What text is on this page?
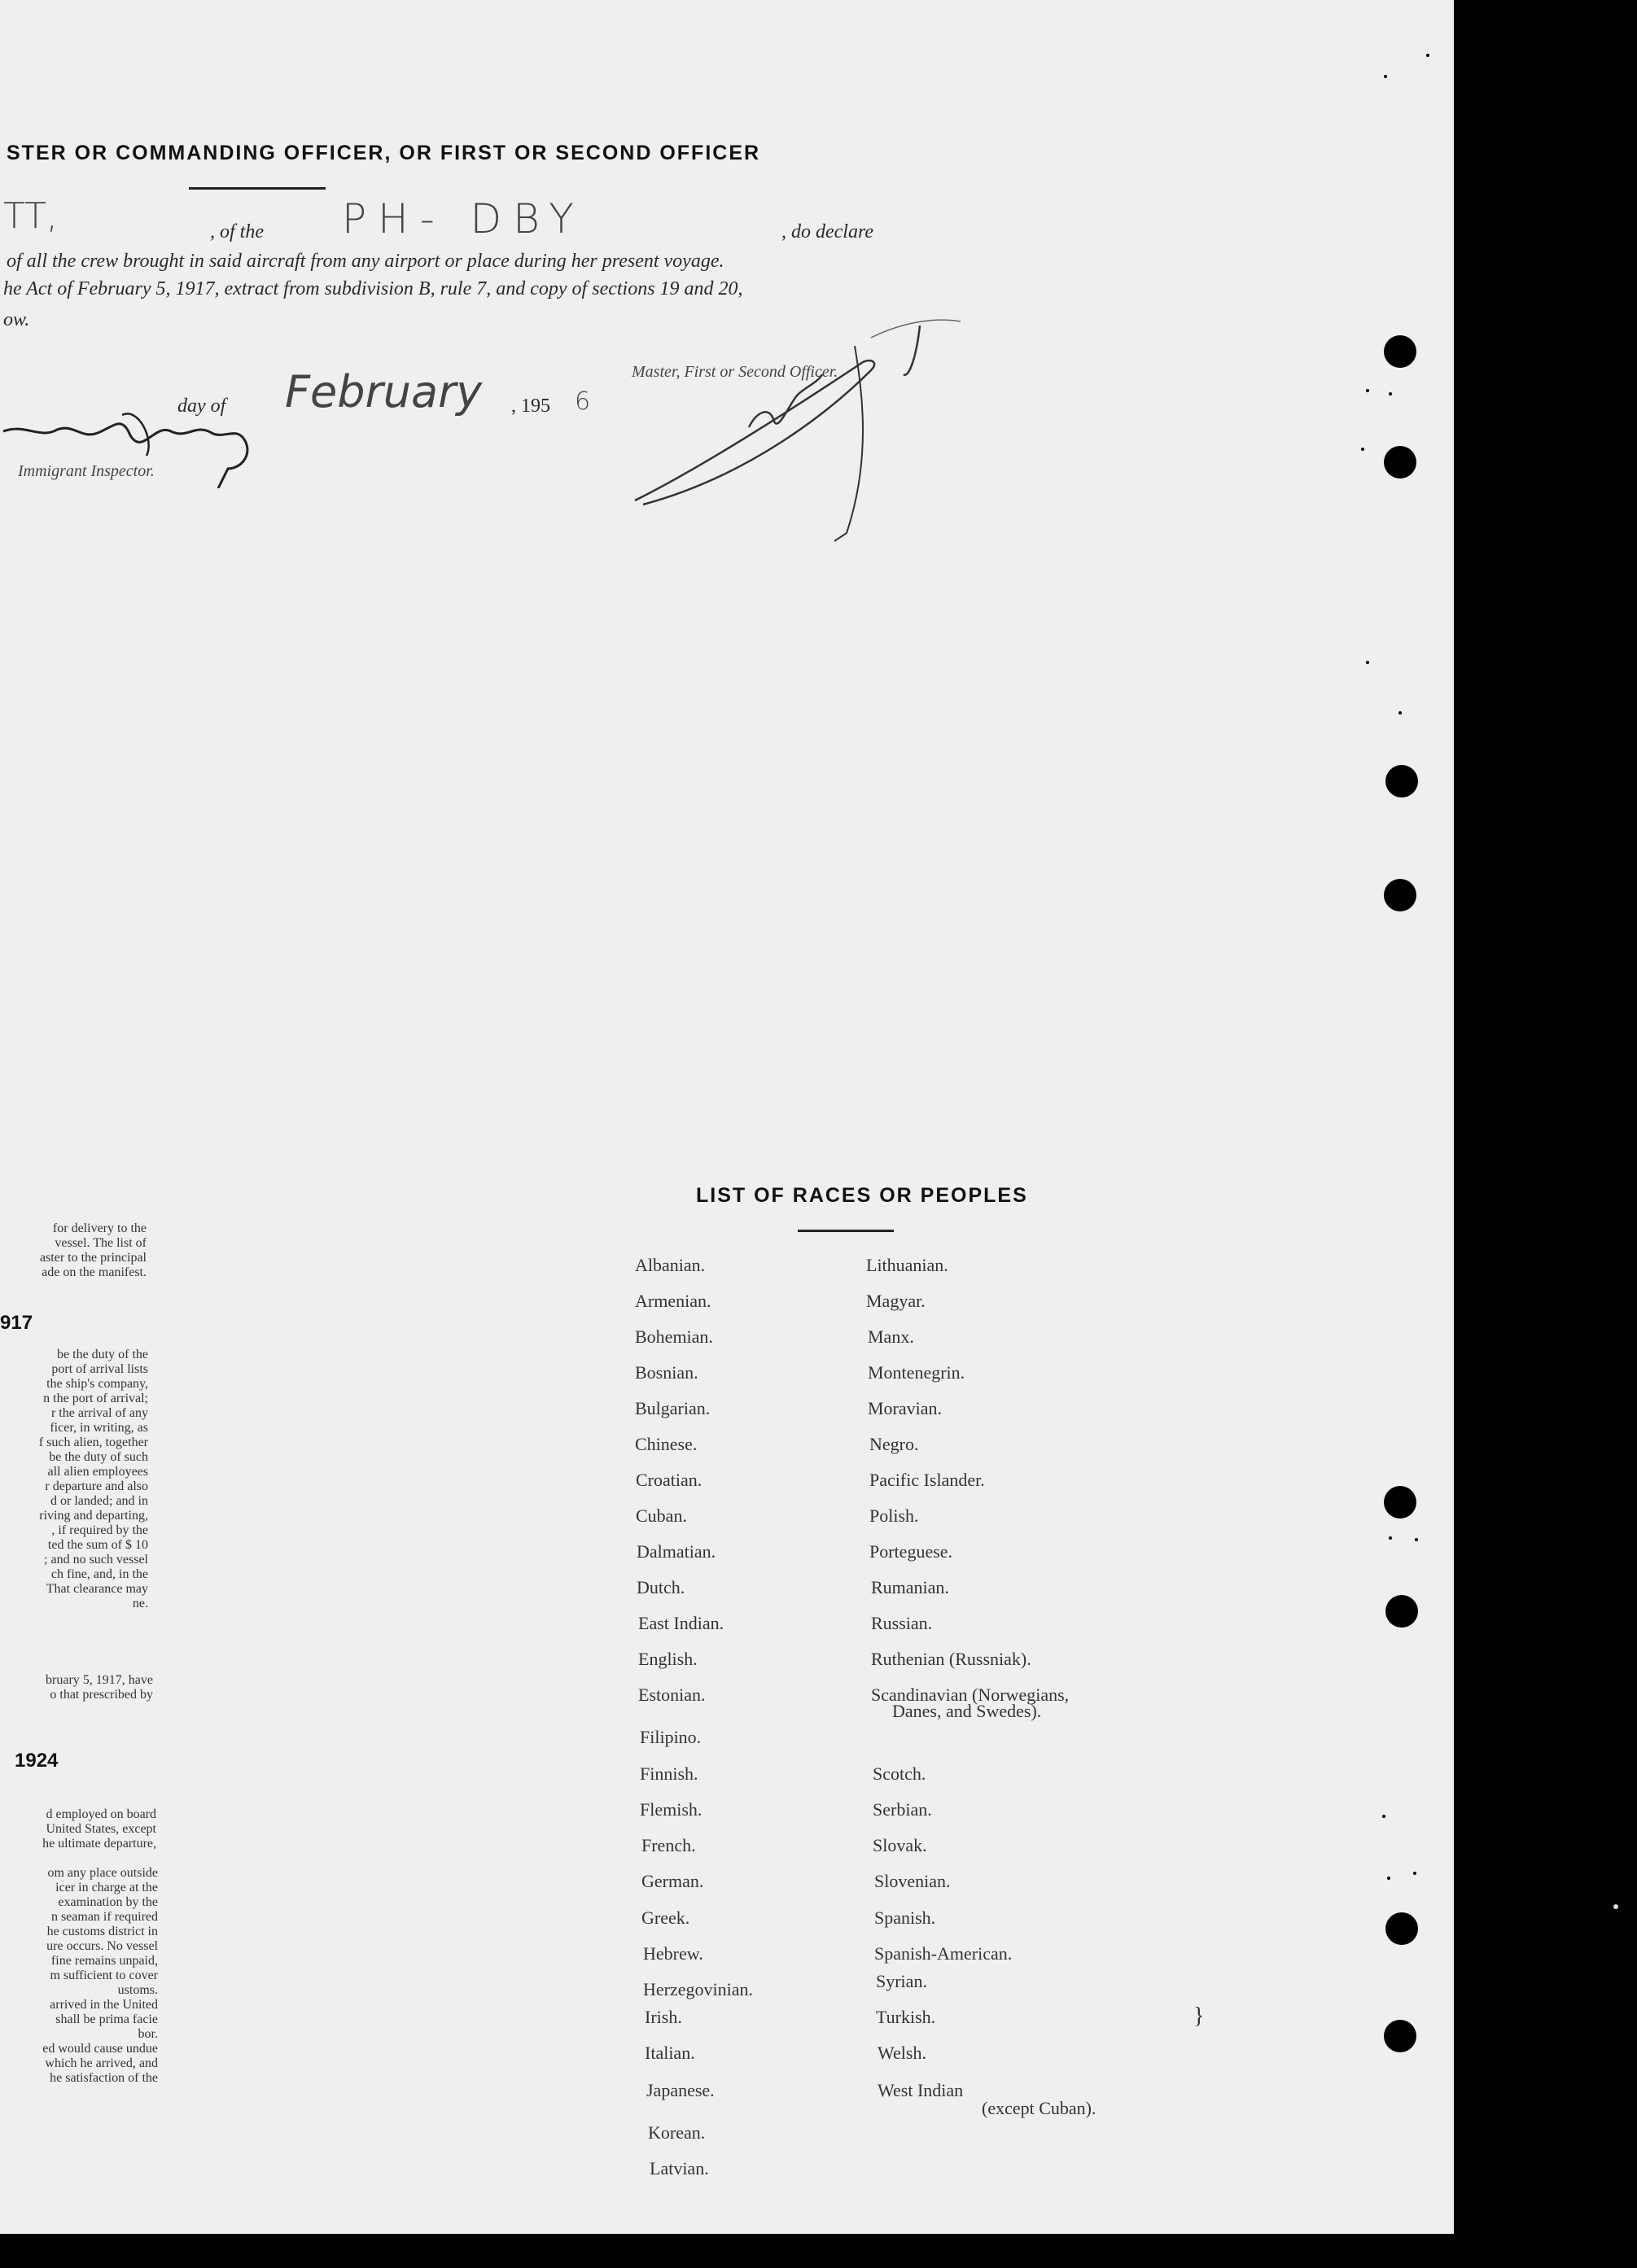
STER OR COMMANDING OFFICER, OR FIRST OR SECOND OFFICER
TT,	, of the PH- DBY	, do declare
of all the crew brought in said aircraft from any airport or place during her present voyage.
he Act of February 5, 1917, extract from subdivision B, rule 7, and copy of sections 19 and 20,
ow.
Master, First or Second Officer.
day of February , 195 6
Immigrant Inspector.
for delivery to the
vessel. The list of
aster to the principal
ade on the manifest.
917
be the duty of the
port of arrival lists
the ship's company,
n the port of arrival;
r the arrival of any
ficer, in writing, as
f such alien, together
be the duty of such
all alien employees
r departure and also
d or landed; and in
riving and departing,
, if required by the
ted the sum of $ 10
; and no such vessel
ch fine, and, in the
That clearance may
ne.
bruary 5, 1917, have
o that prescribed by
1924
d employed on board
United States, except
he ultimate departure,
om any place outside
icer in charge at the
examination by the
n seaman if required
he customs district in
ure occurs. No vessel
fine remains unpaid,
m sufficient to cover
ustoms.
arrived in the United
shall be prima facie
bor.
ed would cause undue
which he arrived, and
he satisfaction of the
LIST OF RACES OR PEOPLES
Albanian.
Armenian.
Bohemian.
Bosnian.
Bulgarian.
Chinese.
Croatian.
Cuban.
Dalmatian.
Dutch.
East Indian.
English.
Estonian.
Filipino.
Finnish.
Flemish.
French.
German.
Greek.
Hebrew.
Herzegovinian.
Irish.
Italian.
Japanese.
Korean.
Latvian.
Lithuanian.
Magyar.
Manx.
Montenegrin.
Moravian.
Negro.
Pacific Islander.
Polish.
Porteguese.
Rumanian.
Russian.
Ruthenian (Russniak).
Scandinavian (Norwegians,
Danes, and Swedes).
Scotch.
Serbian.
Slovak.
Slovenian.
Spanish.
Spanish-American.
Syrian.
Turkish.
Welsh.
West Indian
(except Cuban).
}
